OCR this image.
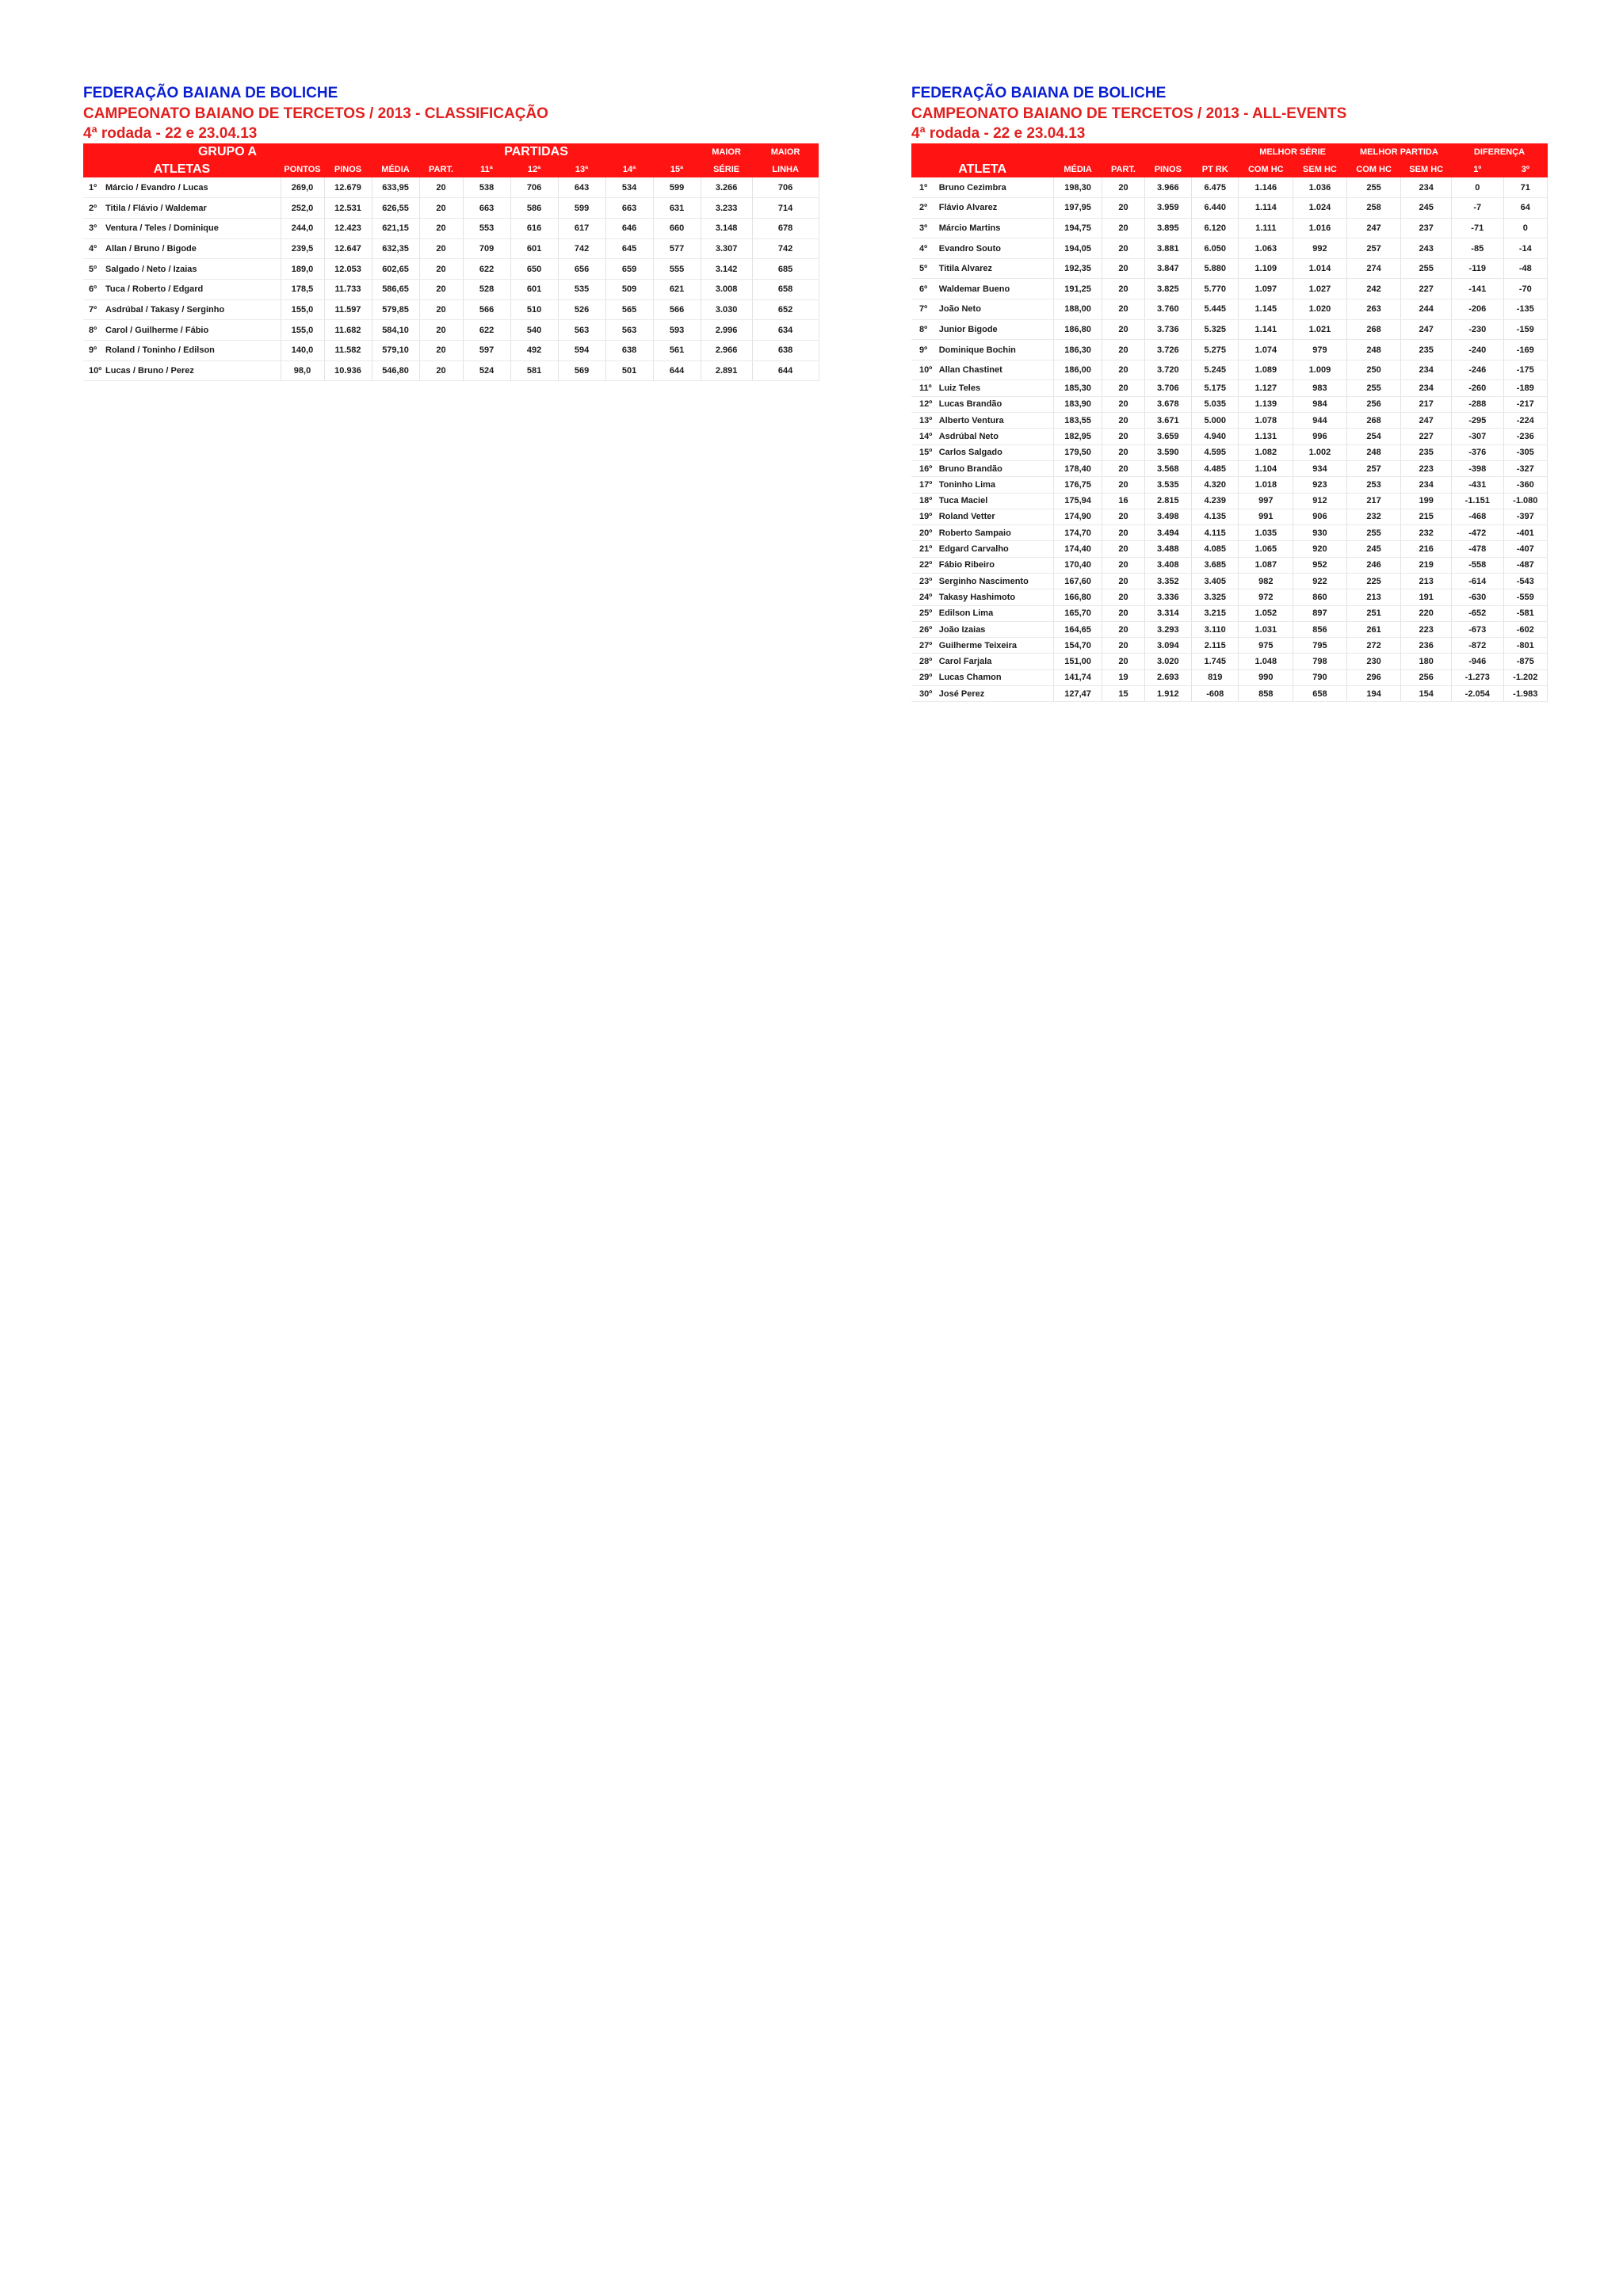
FEDERAÇÃO BAIANA DE BOLICHE

CAMPEONATO BAIANO DE TERCETOS / 2013 - CLASSIFICAÇÃO

4ª rodada - 22 e 23.04.13

GRUPO A				PARTIDAS							MAIOR	MAIOR
ATLETAS		PONTOS	PINOS	MÉDIA	PART.	11ª	12ª	13ª	14ª	15ª	SÉRIE	LINHA
1º	Márcio / Evandro / Lucas	269,0	12.679	633,95	20	538	706	643	534	599	3.266	706
2º	Titila / Flávio / Waldemar	252,0	12.531	626,55	20	663	586	599	663	631	3.233	714
3º	Ventura / Teles / Dominique	244,0	12.423	621,15	20	553	616	617	646	660	3.148	678
4º	Allan / Bruno / Bigode	239,5	12.647	632,35	20	709	601	742	645	577	3.307	742
5º	Salgado / Neto / Izaias	189,0	12.053	602,65	20	622	650	656	659	555	3.142	685
6º	Tuca / Roberto / Edgard	178,5	11.733	586,65	20	528	601	535	509	621	3.008	658
7º	Asdrúbal / Takasy / Serginho	155,0	11.597	579,85	20	566	510	526	565	566	3.030	652
8º	Carol / Guilherme / Fábio	155,0	11.682	584,10	20	622	540	563	563	593	2.996	634
9º	Roland / Toninho / Edilson	140,0	11.582	579,10	20	597	492	594	638	561	2.966	638
10º	Lucas / Bruno / Perez	98,0	10.936	546,80	20	524	581	569	501	644	2.891	644

FEDERAÇÃO BAIANA DE BOLICHE

CAMPEONATO BAIANO DE TERCETOS / 2013 - ALL-EVENTS

4ª rodada - 22 e 23.04.13

						MELHOR SÉRIE		MELHOR PARTIDA		DIFERENÇA	
ATLETA		MÉDIA	PART.	PINOS	PT RK	COM HC	SEM HC	COM HC	SEM HC	1º	3º
1º	Bruno Cezimbra	198,30	20	3.966	6.475	1.146	1.036	255	234	0	71
2º	Flávio Alvarez	197,95	20	3.959	6.440	1.114	1.024	258	245	-7	64
3º	Márcio Martins	194,75	20	3.895	6.120	1.111	1.016	247	237	-71	0
4º	Evandro Souto	194,05	20	3.881	6.050	1.063	992	257	243	-85	-14
5º	Titila Alvarez	192,35	20	3.847	5.880	1.109	1.014	274	255	-119	-48
6º	Waldemar Bueno	191,25	20	3.825	5.770	1.097	1.027	242	227	-141	-70
7º	João Neto	188,00	20	3.760	5.445	1.145	1.020	263	244	-206	-135
8º	Junior Bigode	186,80	20	3.736	5.325	1.141	1.021	268	247	-230	-159
9º	Dominique Bochin	186,30	20	3.726	5.275	1.074	979	248	235	-240	-169
10º	Allan Chastinet	186,00	20	3.720	5.245	1.089	1.009	250	234	-246	-175
11º	Luiz Teles	185,30	20	3.706	5.175	1.127	983	255	234	-260	-189
12º	Lucas Brandão	183,90	20	3.678	5.035	1.139	984	256	217	-288	-217
13º	Alberto Ventura	183,55	20	3.671	5.000	1.078	944	268	247	-295	-224
14º	Asdrúbal Neto	182,95	20	3.659	4.940	1.131	996	254	227	-307	-236
15º	Carlos Salgado	179,50	20	3.590	4.595	1.082	1.002	248	235	-376	-305
16º	Bruno Brandão	178,40	20	3.568	4.485	1.104	934	257	223	-398	-327
17º	Toninho Lima	176,75	20	3.535	4.320	1.018	923	253	234	-431	-360
18º	Tuca Maciel	175,94	16	2.815	4.239	997	912	217	199	-1.151	-1.080
19º	Roland Vetter	174,90	20	3.498	4.135	991	906	232	215	-468	-397
20º	Roberto Sampaio	174,70	20	3.494	4.115	1.035	930	255	232	-472	-401
21º	Edgard Carvalho	174,40	20	3.488	4.085	1.065	920	245	216	-478	-407
22º	Fábio Ribeiro	170,40	20	3.408	3.685	1.087	952	246	219	-558	-487
23º	Serginho Nascimento	167,60	20	3.352	3.405	982	922	225	213	-614	-543
24º	Takasy Hashimoto	166,80	20	3.336	3.325	972	860	213	191	-630	-559
25º	Edilson Lima	165,70	20	3.314	3.215	1.052	897	251	220	-652	-581
26º	João Izaias	164,65	20	3.293	3.110	1.031	856	261	223	-673	-602
27º	Guilherme Teixeira	154,70	20	3.094	2.115	975	795	272	236	-872	-801
28º	Carol Farjala	151,00	20	3.020	1.745	1.048	798	230	180	-946	-875
29º	Lucas Chamon	141,74	19	2.693	819	990	790	296	256	-1.273	-1.202
30º	José Perez	127,47	15	1.912	-608	858	658	194	154	-2.054	-1.983
